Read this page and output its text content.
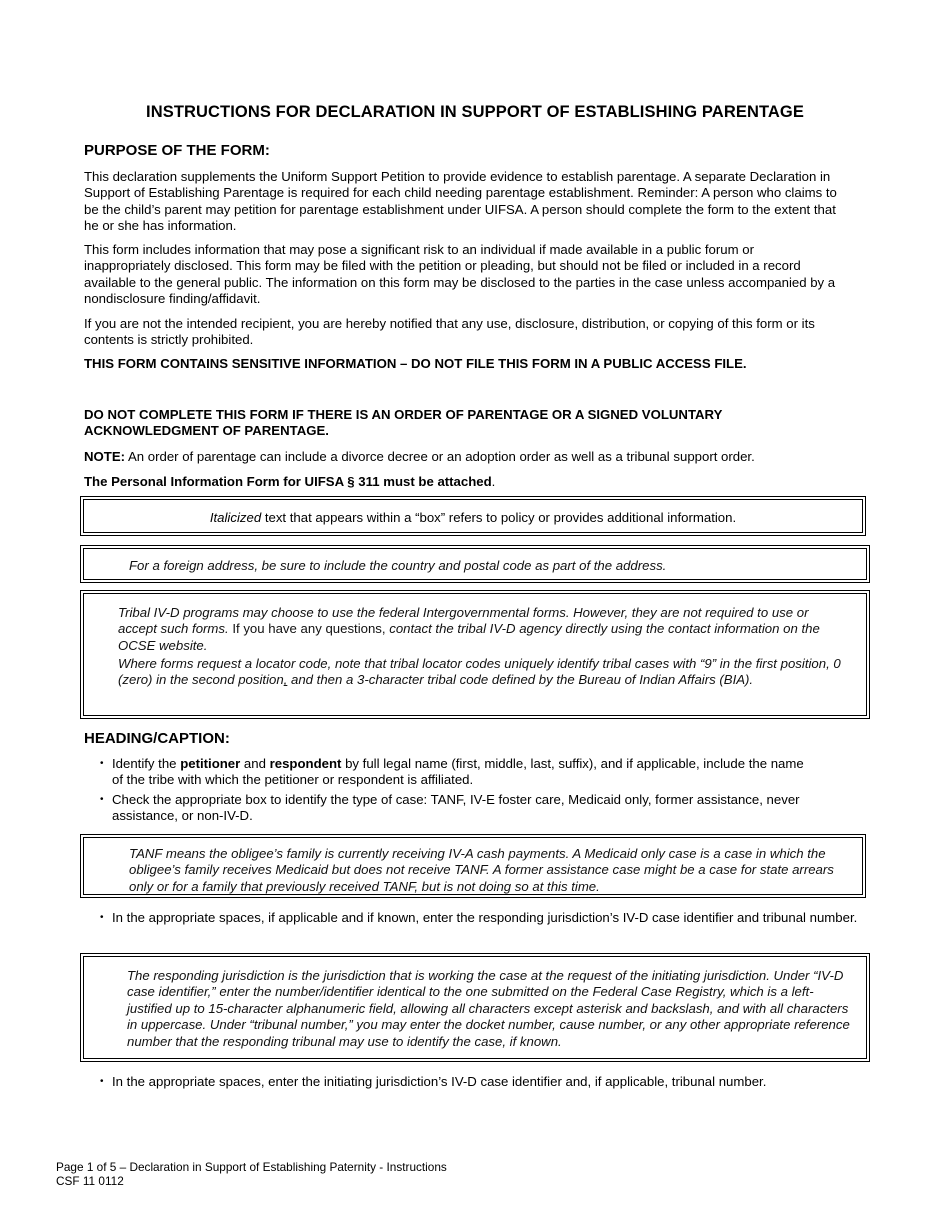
INSTRUCTIONS FOR DECLARATION IN SUPPORT OF ESTABLISHING PARENTAGE
PURPOSE OF THE FORM:
This declaration supplements the Uniform Support Petition to provide evidence to establish parentage. A separate Declaration in Support of Establishing Parentage is required for each child needing parentage establishment. Reminder: A person who claims to be the child’s parent may petition for parentage establishment under UIFSA. A person should complete the form to the extent that he or she has information.
This form includes information that may pose a significant risk to an individual if made available in a public forum or inappropriately disclosed. This form may be filed with the petition or pleading, but should not be filed or included in a record available to the general public. The information on this form may be disclosed to the parties in the case unless accompanied by a nondisclosure finding/affidavit.
If you are not the intended recipient, you are hereby notified that any use, disclosure, distribution, or copying of this form or its contents is strictly prohibited.
THIS FORM CONTAINS SENSITIVE INFORMATION – DO NOT FILE THIS FORM IN A PUBLIC ACCESS FILE.
DO NOT COMPLETE THIS FORM IF THERE IS AN ORDER OF PARENTAGE OR A SIGNED VOLUNTARY ACKNOWLEDGMENT OF PARENTAGE.
NOTE: An order of parentage can include a divorce decree or an adoption order as well as a tribunal support order.
The Personal Information Form for UIFSA § 311 must be attached.
Italicized text that appears within a “box” refers to policy or provides additional information.
For a foreign address, be sure to include the country and postal code as part of the address.
Tribal IV-D programs may choose to use the federal Intergovernmental forms. However, they are not required to use or accept such forms. If you have any questions, contact the tribal IV-D agency directly using the contact information on the OCSE website.
Where forms request a locator code, note that tribal locator codes uniquely identify tribal cases with “9” in the first position, 0 (zero) in the second position, and then a 3-character tribal code defined by the Bureau of Indian Affairs (BIA).
HEADING/CAPTION:
• Identify the petitioner and respondent by full legal name (first, middle, last, suffix), and if applicable, include the name of the tribe with which the petitioner or respondent is affiliated.
• Check the appropriate box to identify the type of case: TANF, IV-E foster care, Medicaid only, former assistance, never assistance, or non-IV-D.
TANF means the obligee’s family is currently receiving IV-A cash payments. A Medicaid only case is a case in which the obligee’s family receives Medicaid but does not receive TANF. A former assistance case might be a case for state arrears only or for a family that previously received TANF, but is not doing so at this time.
• In the appropriate spaces, if applicable and if known, enter the responding jurisdiction’s IV-D case identifier and tribunal number.
The responding jurisdiction is the jurisdiction that is working the case at the request of the initiating jurisdiction. Under “IV-D case identifier,” enter the number/identifier identical to the one submitted on the Federal Case Registry, which is a left-justified up to 15-character alphanumeric field, allowing all characters except asterisk and backslash, and with all characters in uppercase. Under “tribunal number,” you may enter the docket number, cause number, or any other appropriate reference number that the responding tribunal may use to identify the case, if known.
• In the appropriate spaces, enter the initiating jurisdiction’s IV-D case identifier and, if applicable, tribunal number.
Page 1 of 5 – Declaration in Support of Establishing Paternity - Instructions
CSF 11 0112
